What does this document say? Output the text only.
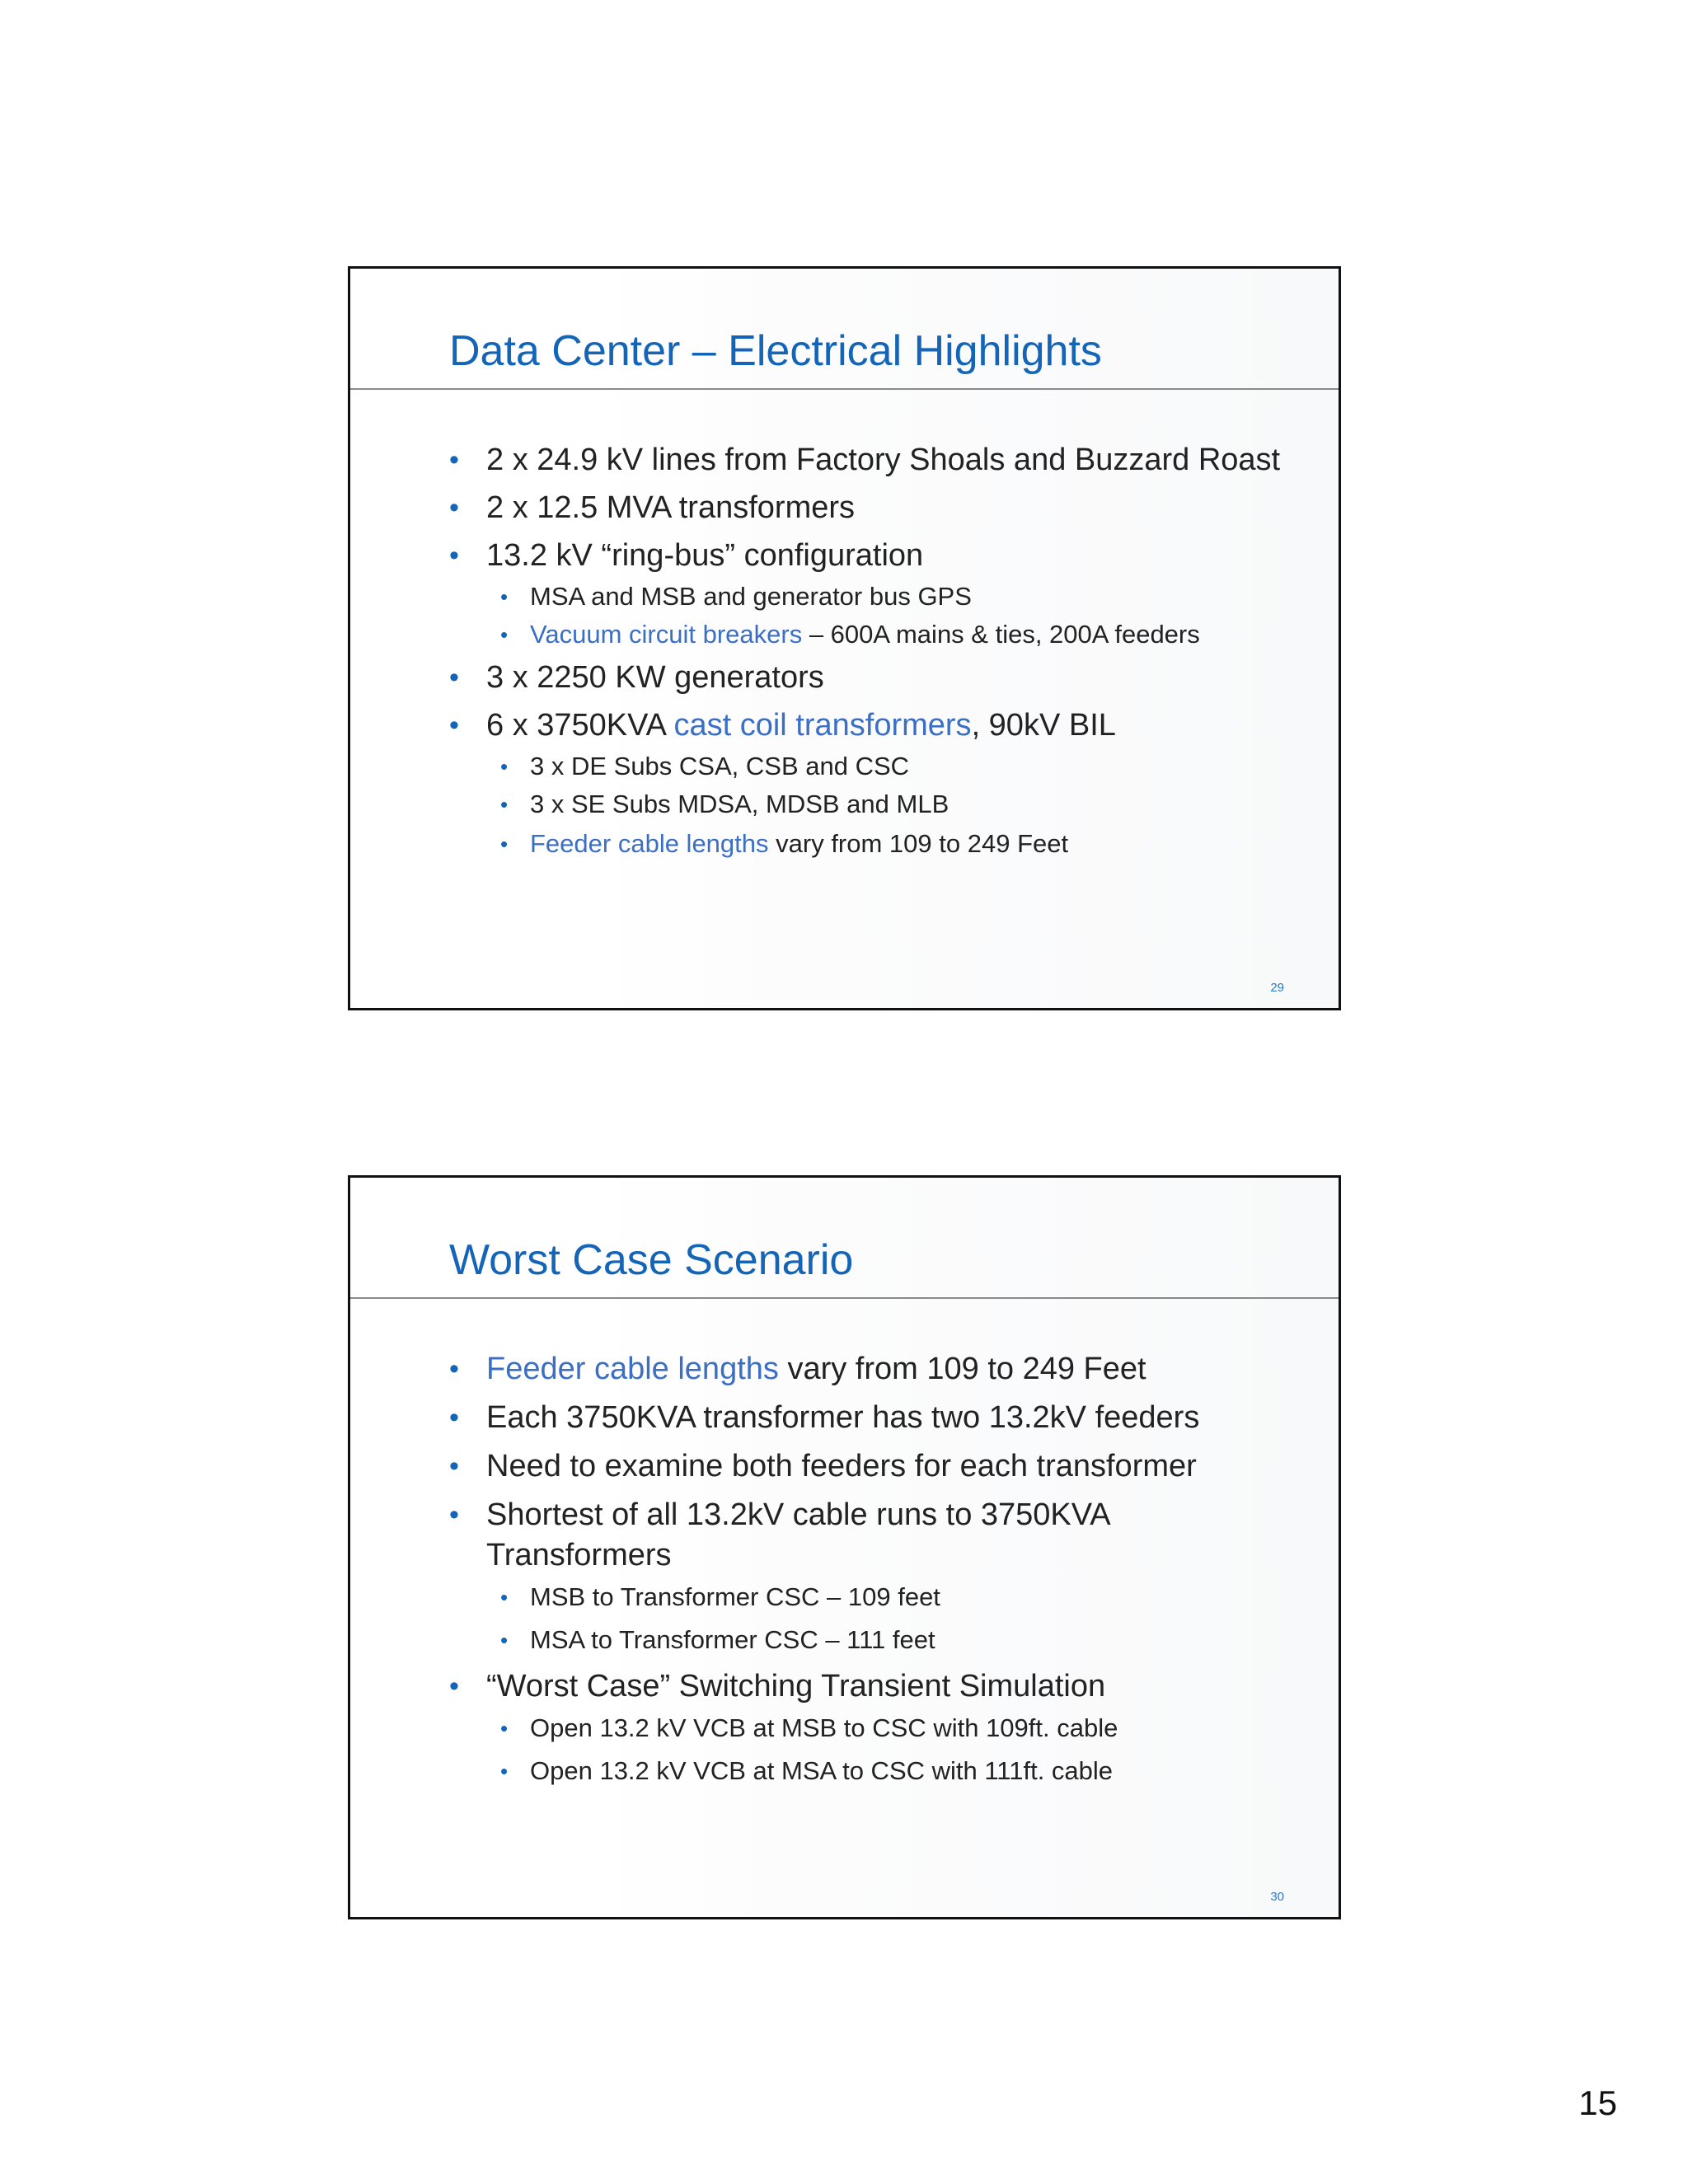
Data Center – Electrical Highlights
• 2 x 24.9 kV lines from Factory Shoals and Buzzard Roast
• 2 x 12.5 MVA transformers
• 13.2 kV “ring-bus” configuration
• MSA and MSB and generator bus GPS
• Vacuum circuit breakers – 600A mains & ties, 200A feeders
• 3 x 2250 KW generators
• 6 x 3750KVA cast coil transformers, 90kV BIL
• 3 x DE Subs CSA, CSB and CSC
• 3 x SE Subs MDSA, MDSB and MLB
• Feeder cable lengths vary from 109 to 249 Feet
29
Worst Case Scenario
• Feeder cable lengths vary from 109 to 249 Feet
• Each 3750KVA transformer has two 13.2kV feeders
• Need to examine both feeders for each transformer
• Shortest of all 13.2kV cable runs to 3750KVA Transformers
• MSB to Transformer CSC – 109 feet
• MSA to Transformer CSC – 111 feet
• “Worst Case” Switching Transient Simulation
• Open 13.2 kV VCB at MSB to CSC with 109ft. cable
• Open 13.2 kV VCB at MSA to CSC with 111ft. cable
30
15
